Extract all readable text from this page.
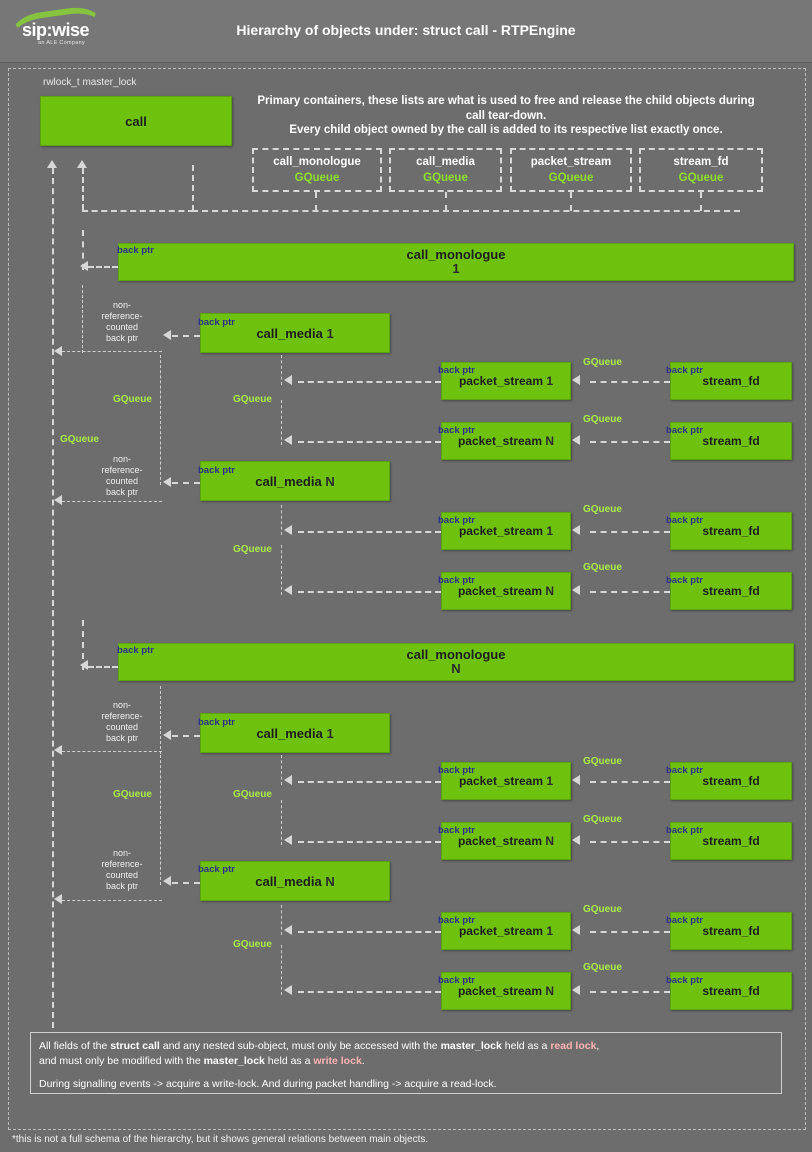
sip:wise
an ALE Company
Hierarchy of objects under: struct call - RTPEngine
rwlock_t master_lock
call
Primary containers, these lists are what is used to free and release the child objects during call tear-down.
Every child object owned by the call is added to its respective list exactly once.
call_monologue
GQueue
call_media
GQueue
packet_stream
GQueue
stream_fd
GQueue
call_monologue
1
back ptr
call_media
1
back ptr
non-
reference-
counted
back ptr
packet_stream
1
back ptr
stream_fd
back ptr
GQueue
packet_stream
N
back ptr
stream_fd
back ptr
GQueue
GQueue	GQueue
GQueue
call_media
N
back ptr
non-
reference-
counted
back ptr
packet_stream
1
back ptr
stream_fd
back ptr
GQueue
packet_stream
N
back ptr
stream_fd
back ptr
GQueue
GQueue
call_monologue
N
back ptr
call_media
1
back ptr
non-
reference-
counted
back ptr
packet_stream
1
back ptr
stream_fd
back ptr
GQueue
packet_stream
N
back ptr
stream_fd
back ptr
GQueue
GQueue	GQueue
call_media
N
back ptr
non-
reference-
counted
back ptr
packet_stream
1
back ptr
stream_fd
back ptr
GQueue
packet_stream
N
back ptr
stream_fd
back ptr
GQueue
GQueue
All fields of the struct call and any nested sub-object, must only be accessed with the master_lock held as a read lock,
and must only be modified with the master_lock held as a write lock.
During signalling events -> acquire a write-lock. And during packet handling -> acquire a read-lock.
*this is not a full schema of the hierarchy, but it shows general relations between main objects.
